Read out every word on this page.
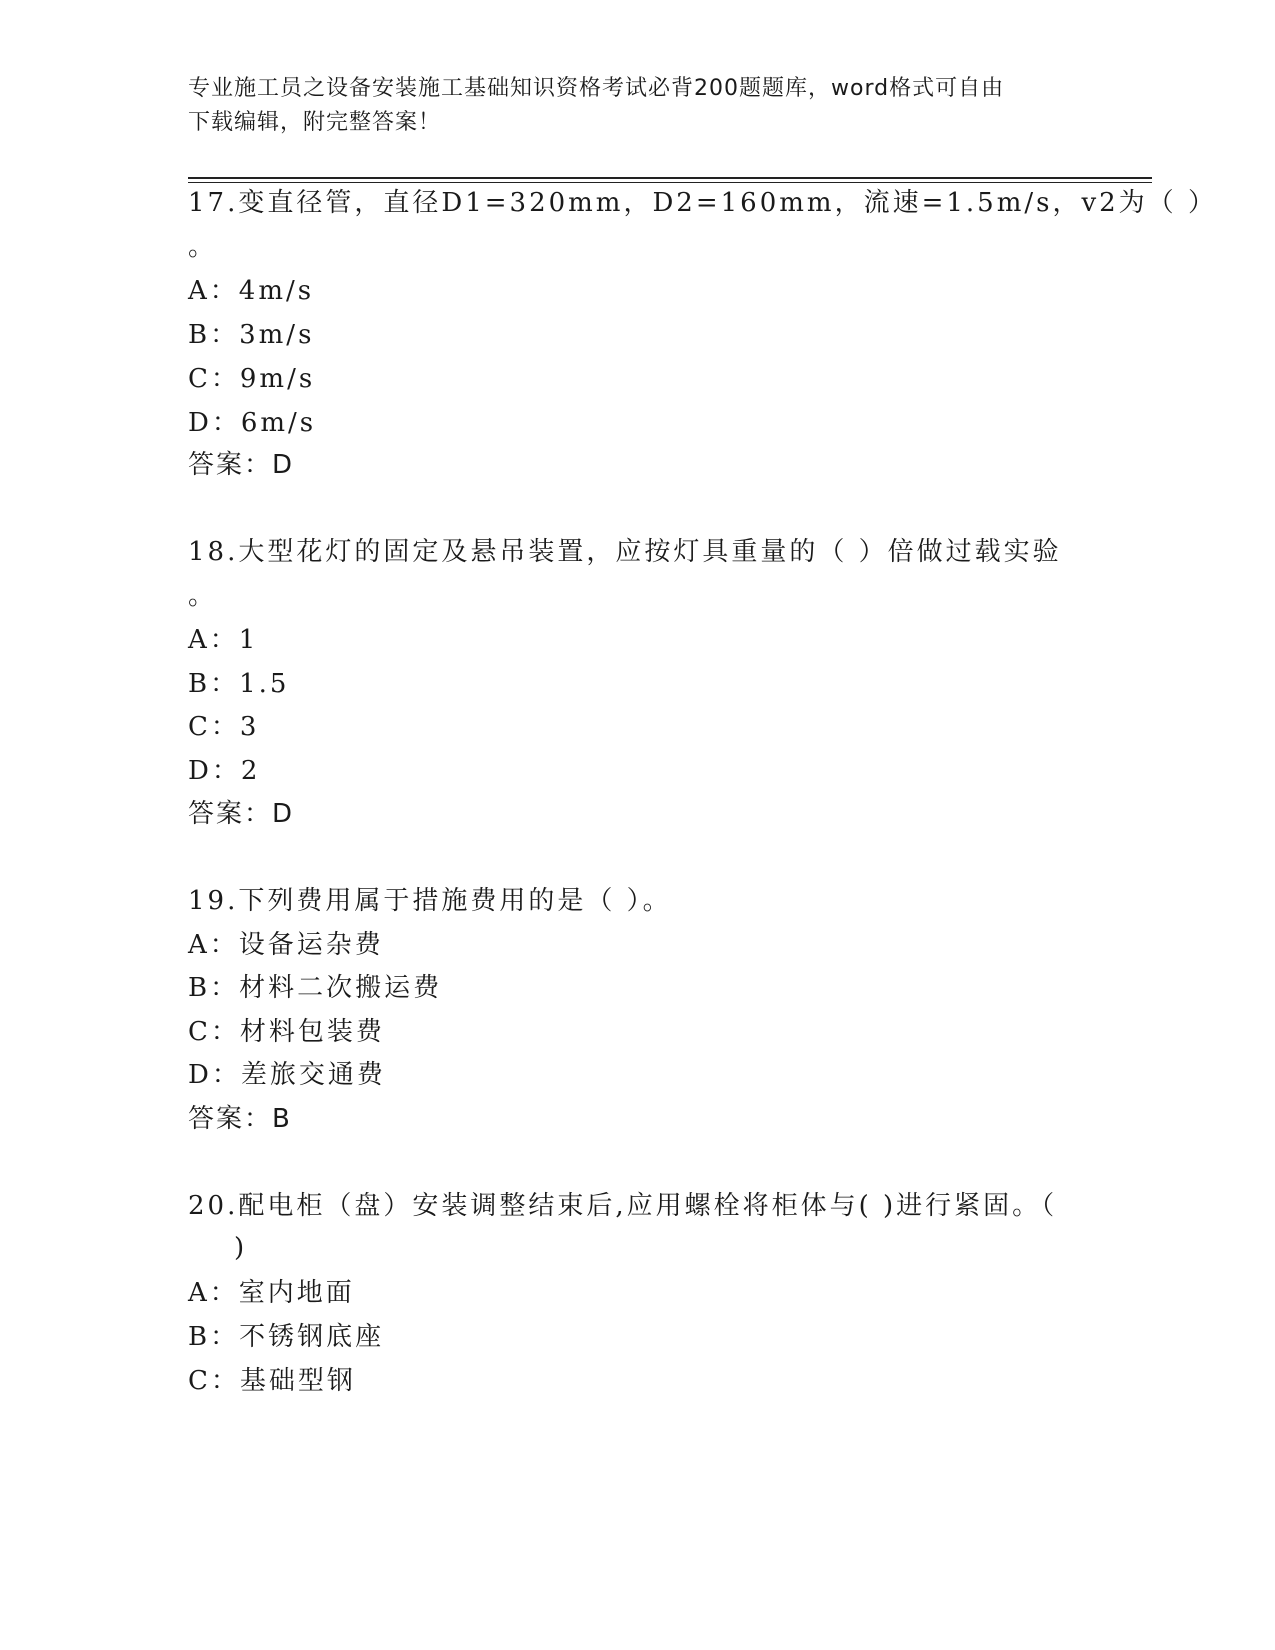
专业施工员之设备安装施工基础知识资格考试必背200题题库，word格式可自由
下载编辑，附完整答案！
17.变直径管，直径D1=320mm，D2=160mm，流速=1.5m/s，v2为（ ）
。
A：4m/s
B：3m/s
C：9m/s
D：6m/s
答案：D
18.大型花灯的固定及悬吊装置，应按灯具重量的（ ）倍做过载实验
。
A：1
B：1.5
C：3
D：2
答案：D
19.下列费用属于措施费用的是（ ）。
A：设备运杂费
B：材料二次搬运费
C：材料包装费
D：差旅交通费
答案：B
20.配电柜（盘）安装调整结束后,应用螺栓将柜体与( )进行紧固。（
)
A：室内地面
B：不锈钢底座
C：基础型钢
